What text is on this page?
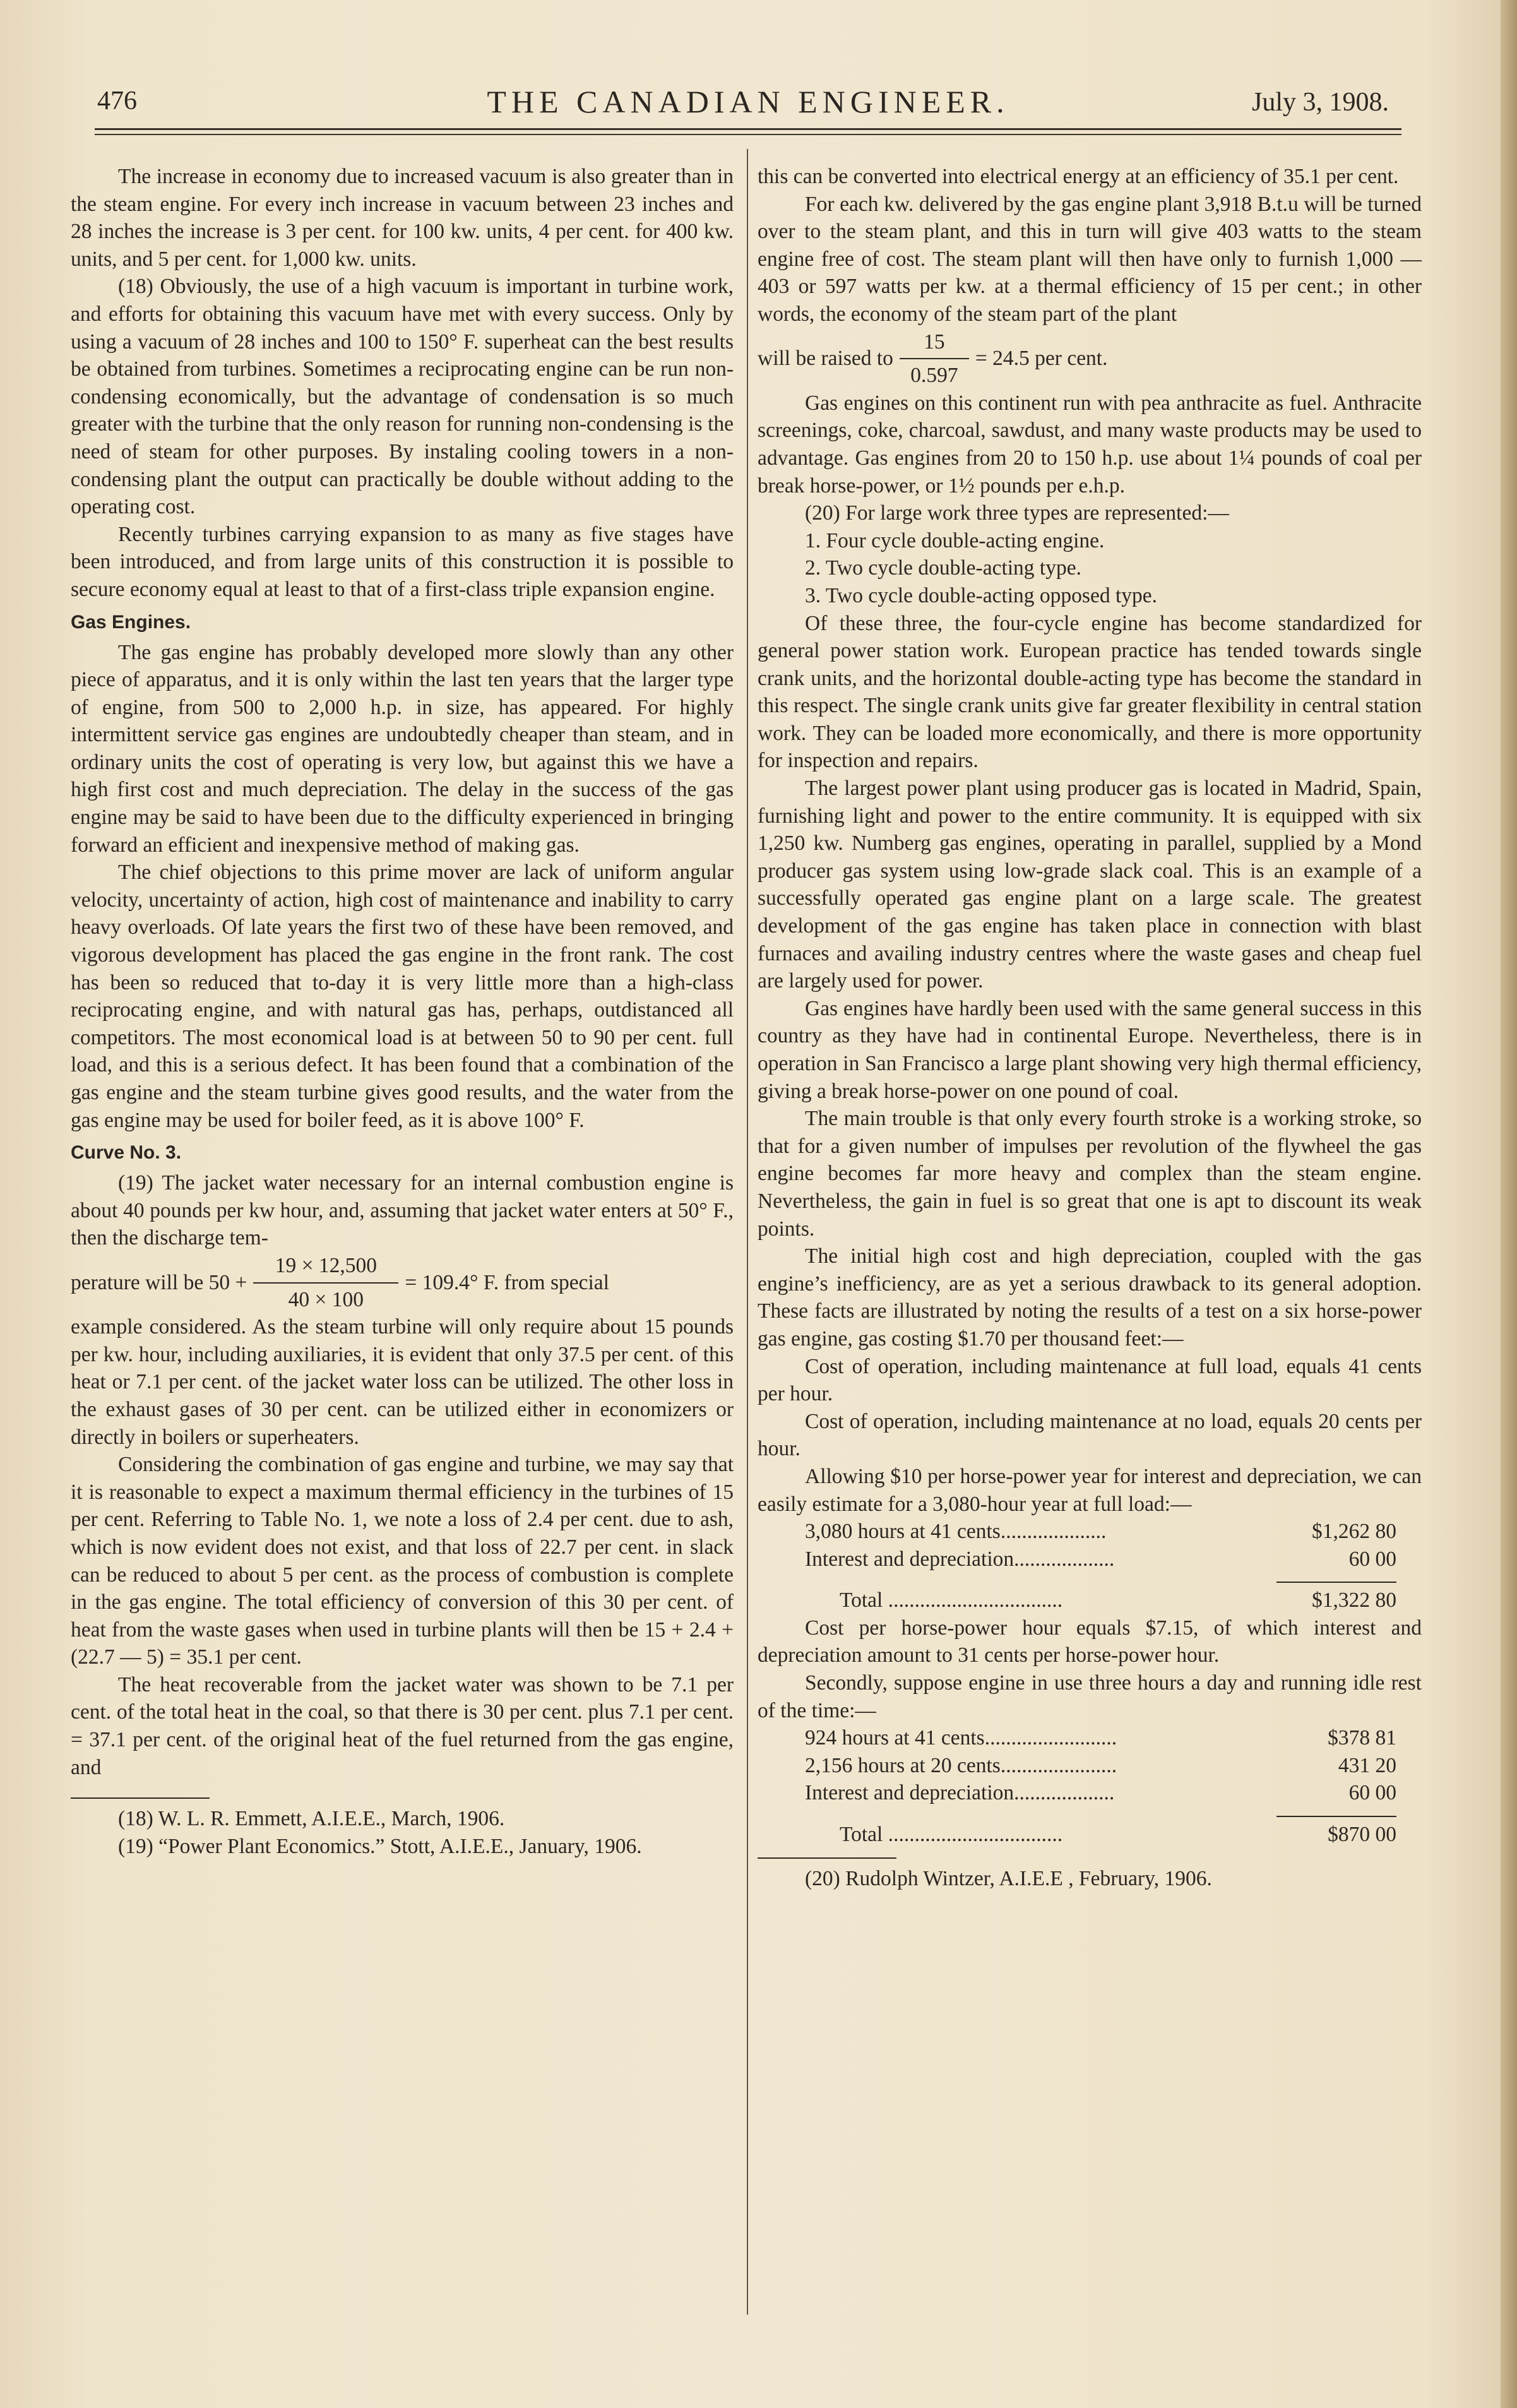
476	THE CANADIAN ENGINEER.	July 3, 1908.

The increase in economy due to increased vacuum is also greater than in the steam engine. For every inch increase in vacuum between 23 inches and 28 inches the increase is 3 per cent. for 100 kw. units, 4 per cent. for 400 kw. units, and 5 per cent. for 1,000 kw. units.

(18) Obviously, the use of a high vacuum is important in turbine work, and efforts for obtaining this vacuum have met with every success. Only by using a vacuum of 28 inches and 100 to 150° F. superheat can the best results be obtained from turbines. Sometimes a reciprocating engine can be run non-condensing economically, but the advantage of condensation is so much greater with the turbine that the only reason for running non-condensing is the need of steam for other purposes. By instaling cooling towers in a non-condensing plant the output can practically be double without adding to the operating cost.

Recently turbines carrying expansion to as many as five stages have been introduced, and from large units of this construction it is possible to secure economy equal at least to that of a first-class triple expansion engine.

Gas Engines.

The gas engine has probably developed more slowly than any other piece of apparatus, and it is only within the last ten years that the larger type of engine, from 500 to 2,000 h.p. in size, has appeared. For highly intermittent service gas engines are undoubtedly cheaper than steam, and in ordinary units the cost of operating is very low, but against this we have a high first cost and much depreciation. The delay in the success of the gas engine may be said to have been due to the difficulty experienced in bringing forward an efficient and inexpensive method of making gas.

The chief objections to this prime mover are lack of uniform angular velocity, uncertainty of action, high cost of maintenance and inability to carry heavy overloads. Of late years the first two of these have been removed, and vigorous development has placed the gas engine in the front rank. The cost has been so reduced that to-day it is very little more than a high-class reciprocating engine, and with natural gas has, perhaps, outdistanced all competitors. The most economical load is at between 50 to 90 per cent. full load, and this is a serious defect. It has been found that a combination of the gas engine and the steam turbine gives good results, and the water from the gas engine may be used for boiler feed, as it is above 100° F.

Curve No. 3.

(19) The jacket water necessary for an internal combustion engine is about 40 pounds per kw hour, and, assuming that jacket water enters at 50° F., then the discharge tem-

perature will be 50 +
19 × 12,500
40 × 100
= 109.4° F. from special

example considered. As the steam turbine will only require about 15 pounds per kw. hour, including auxiliaries, it is evident that only 37.5 per cent. of this heat or 7.1 per cent. of the jacket water loss can be utilized. The other loss in the exhaust gases of 30 per cent. can be utilized either in economizers or directly in boilers or superheaters.

Considering the combination of gas engine and turbine, we may say that it is reasonable to expect a maximum thermal efficiency in the turbines of 15 per cent. Referring to Table No. 1, we note a loss of 2.4 per cent. due to ash, which is now evident does not exist, and that loss of 22.7 per cent. in slack can be reduced to about 5 per cent. as the process of combustion is complete in the gas engine. The total efficiency of conversion of this 30 per cent. of heat from the waste gases when used in turbine plants will then be 15 + 2.4 + (22.7 — 5) = 35.1 per cent.

The heat recoverable from the jacket water was shown to be 7.1 per cent. of the total heat in the coal, so that there is 30 per cent. plus 7.1 per cent. = 37.1 per cent. of the original heat of the fuel returned from the gas engine, and

(18) W. L. R. Emmett, A.I.E.E., March, 1906.

(19) “Power Plant Economics.” Stott, A.I.E.E., January, 1906.

this can be converted into electrical energy at an efficiency of 35.1 per cent.

For each kw. delivered by the gas engine plant 3,918 B.t.u will be turned over to the steam plant, and this in turn will give 403 watts to the steam engine free of cost. The steam plant will then have only to furnish 1,000 — 403 or 597 watts per kw. at a thermal efficiency of 15 per cent.; in other words, the economy of the steam part of the plant

will be raised to
15
0.597
= 24.5 per cent.

Gas engines on this continent run with pea anthracite as fuel. Anthracite screenings, coke, charcoal, sawdust, and many waste products may be used to advantage. Gas engines from 20 to 150 h.p. use about 1¼ pounds of coal per break horse-power, or 1½ pounds per e.h.p.

(20) For large work three types are represented:—

1. Four cycle double-acting engine.
2. Two cycle double-acting type.
3. Two cycle double-acting opposed type.

Of these three, the four-cycle engine has become standardized for general power station work. European practice has tended towards single crank units, and the horizontal double-acting type has become the standard in this respect. The single crank units give far greater flexibility in central station work. They can be loaded more economically, and there is more opportunity for inspection and repairs.

The largest power plant using producer gas is located in Madrid, Spain, furnishing light and power to the entire community. It is equipped with six 1,250 kw. Numberg gas engines, operating in parallel, supplied by a Mond producer gas system using low-grade slack coal. This is an example of a successfully operated gas engine plant on a large scale. The greatest development of the gas engine has taken place in connection with blast furnaces and availing industry centres where the waste gases and cheap fuel are largely used for power.

Gas engines have hardly been used with the same general success in this country as they have had in continental Europe. Nevertheless, there is in operation in San Francisco a large plant showing very high thermal efficiency, giving a break horse-power on one pound of coal.

The main trouble is that only every fourth stroke is a working stroke, so that for a given number of impulses per revolution of the flywheel the gas engine becomes far more heavy and complex than the steam engine. Nevertheless, the gain in fuel is so great that one is apt to discount its weak points.

The initial high cost and high depreciation, coupled with the gas engine’s inefficiency, are as yet a serious drawback to its general adoption. These facts are illustrated by noting the results of a test on a six horse-power gas engine, gas costing $1.70 per thousand feet:—

Cost of operation, including maintenance at full load, equals 41 cents per hour.

Cost of operation, including maintenance at no load, equals 20 cents per hour.

Allowing $10 per horse-power year for interest and depreciation, we can easily estimate for a 3,080-hour year at full load:—

3,080 hours at 41 cents....................	$1,262 80
Interest and depreciation...................	60 00
Total .................................	$1,322 80

Cost per horse-power hour equals $7.15, of which interest and depreciation amount to 31 cents per horse-power hour.

Secondly, suppose engine in use three hours a day and running idle rest of the time:—

924 hours at 41 cents.........................	$378 81
2,156 hours at 20 cents......................	431 20
Interest and depreciation...................	60 00
Total .................................	$870 00

(20) Rudolph Wintzer, A.I.E.E , February, 1906.
